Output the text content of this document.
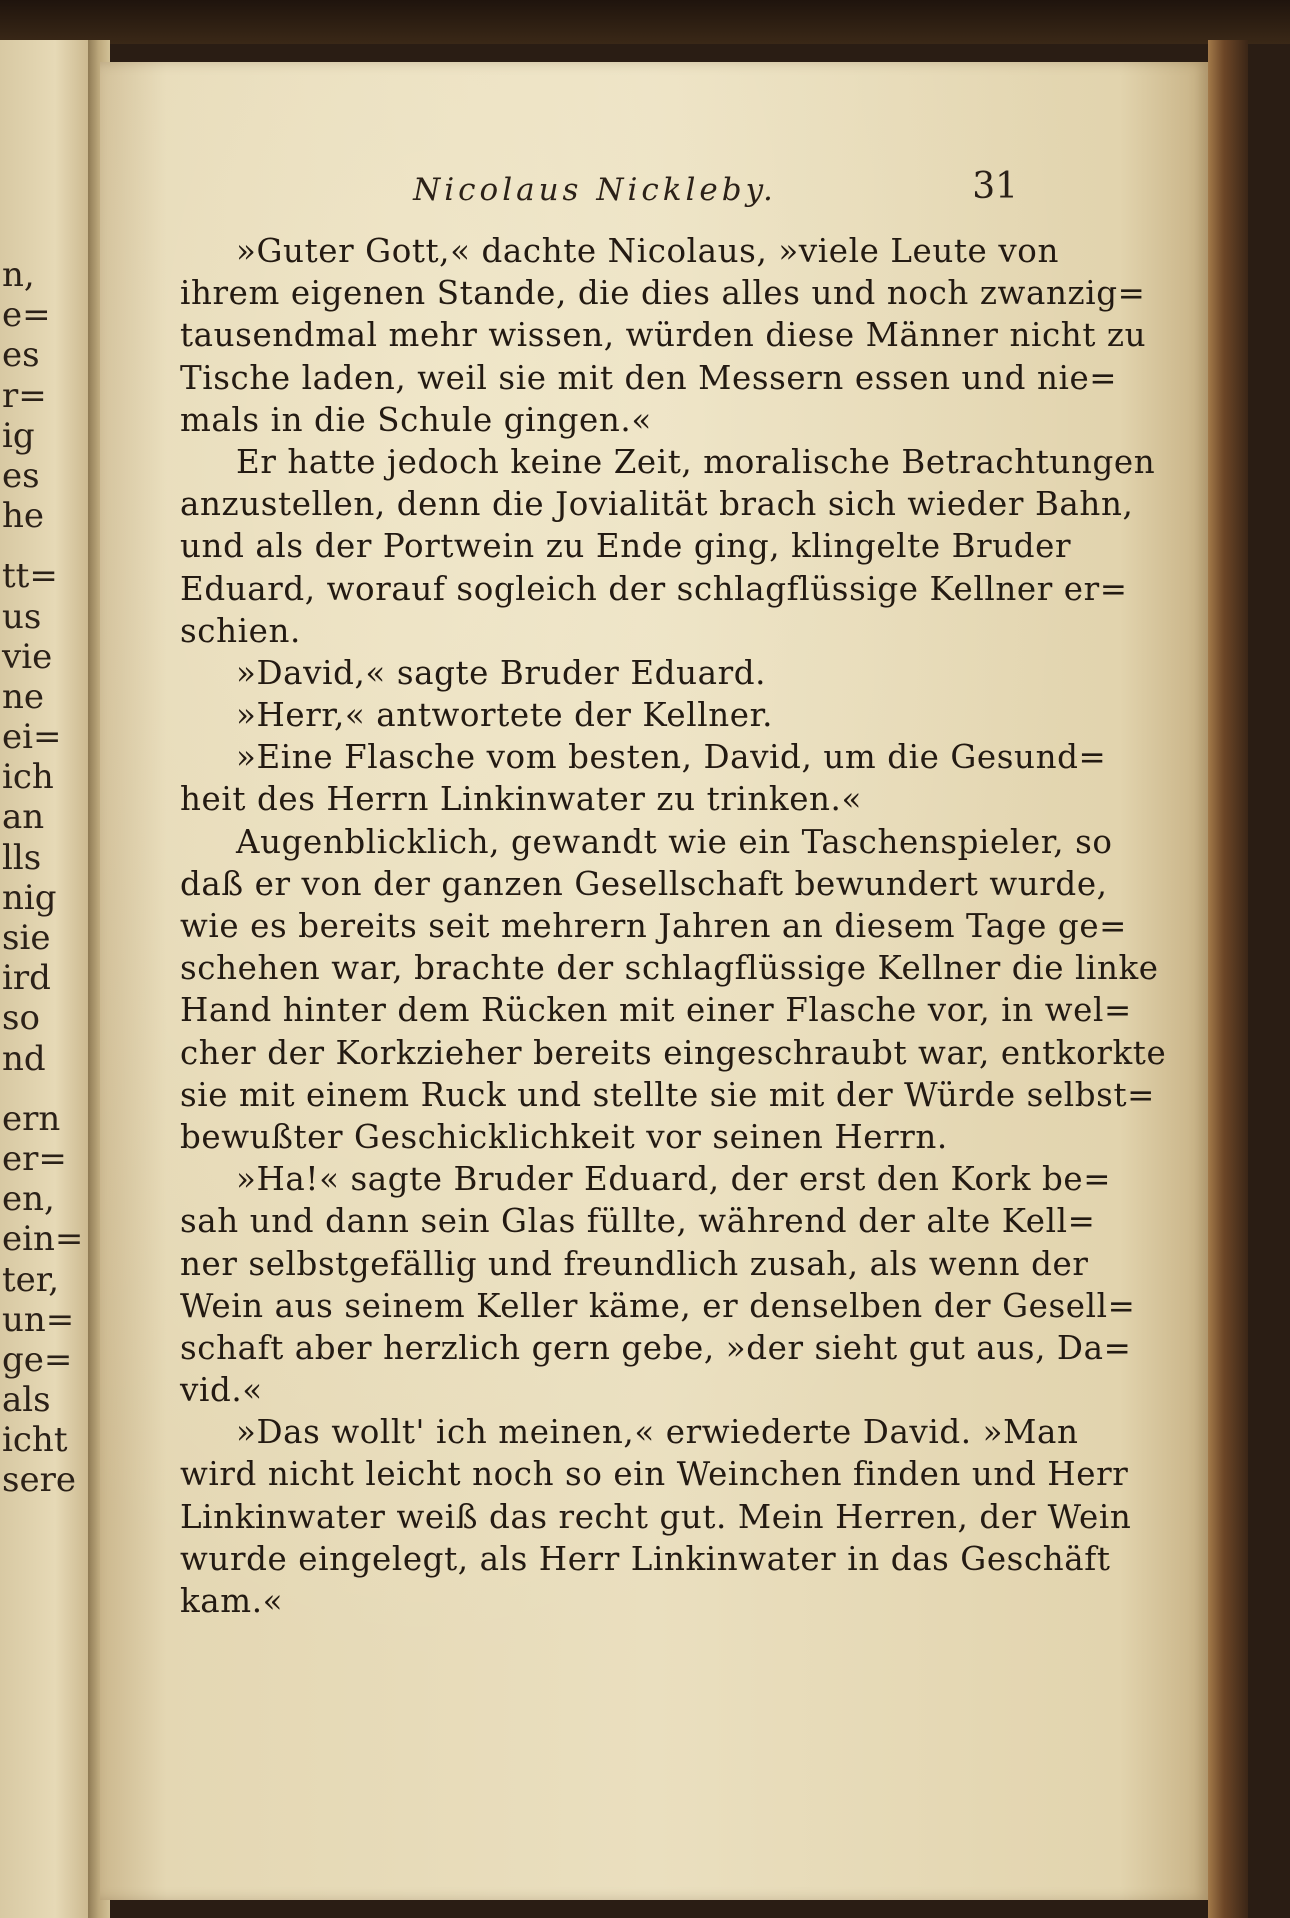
n,
e=
es
r=
ig
es
he
tt=
us
vie
ne
ei=
ich
an
lls
nig
sie
ird
so
nd
ern
er=
en,
ein=
ter,
un=
ge=
als
icht
sere
Nicolaus Nickleby.	31
»Guter Gott,« dachte Nicolaus, »viele Leute von
ihrem eigenen Stande, die dies alles und noch zwanzig=
tausendmal mehr wissen, würden diese Männer nicht zu
Tische laden, weil sie mit den Messern essen und nie=
mals in die Schule gingen.«
Er hatte jedoch keine Zeit, moralische Betrachtungen
anzustellen, denn die Jovialität brach sich wieder Bahn,
und als der Portwein zu Ende ging, klingelte Bruder
Eduard, worauf sogleich der schlagflüssige Kellner er=
schien.
»David,« sagte Bruder Eduard.
»Herr,« antwortete der Kellner.
»Eine Flasche vom besten, David, um die Gesund=
heit des Herrn Linkinwater zu trinken.«
Augenblicklich, gewandt wie ein Taschenspieler, so
daß er von der ganzen Gesellschaft bewundert wurde,
wie es bereits seit mehrern Jahren an diesem Tage ge=
schehen war, brachte der schlagflüssige Kellner die linke
Hand hinter dem Rücken mit einer Flasche vor, in wel=
cher der Korkzieher bereits eingeschraubt war, entkorkte
sie mit einem Ruck und stellte sie mit der Würde selbst=
bewußter Geschicklichkeit vor seinen Herrn.
»Ha!« sagte Bruder Eduard, der erst den Kork be=
sah und dann sein Glas füllte, während der alte Kell=
ner selbstgefällig und freundlich zusah, als wenn der
Wein aus seinem Keller käme, er denselben der Gesell=
schaft aber herzlich gern gebe, »der sieht gut aus, Da=
vid.«
»Das wollt' ich meinen,« erwiederte David. »Man
wird nicht leicht noch so ein Weinchen finden und Herr
Linkinwater weiß das recht gut. Mein Herren, der Wein
wurde eingelegt, als Herr Linkinwater in das Geschäft
kam.«
